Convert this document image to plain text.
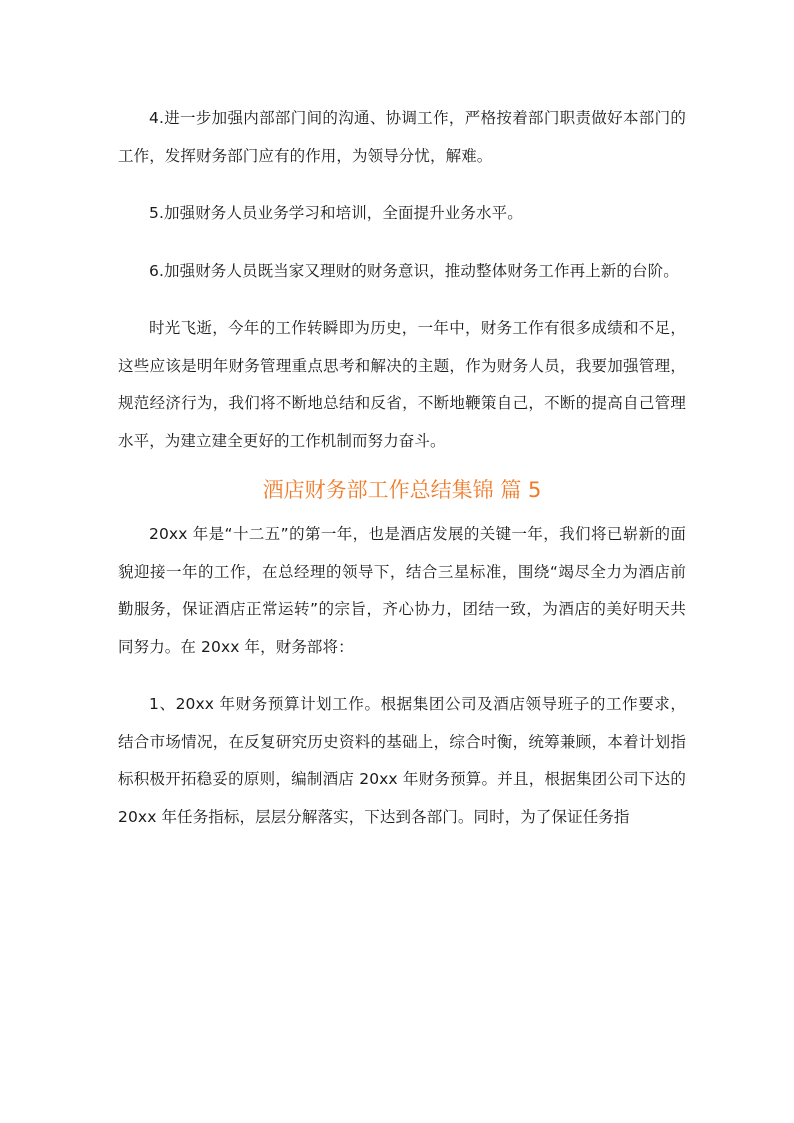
4.进一步加强内部部门间的沟通、协调工作，严格按着部门职责做好本部门的工作，发挥财务部门应有的作用，为领导分忧，解难。

5.加强财务人员业务学习和培训，全面提升业务水平。

6.加强财务人员既当家又理财的财务意识，推动整体财务工作再上新的台阶。

时光飞逝，今年的工作转瞬即为历史，一年中，财务工作有很多成绩和不足，这些应该是明年财务管理重点思考和解决的主题，作为财务人员，我要加强管理，规范经济行为，我们将不断地总结和反省，不断地鞭策自己，不断的提高自己管理水平，为建立建全更好的工作机制而努力奋斗。

酒店财务部工作总结集锦 篇 5

20xx 年是“十二五”的第一年，也是酒店发展的关键一年，我们将已崭新的面貌迎接一年的工作，在总经理的领导下，结合三星标准，围绕“竭尽全力为酒店前勤服务，保证酒店正常运转”的宗旨，齐心协力，团结一致，为酒店的美好明天共同努力。在 20xx 年，财务部将：

1、20xx 年财务预算计划工作。根据集团公司及酒店领导班子的工作要求，结合市场情况，在反复研究历史资料的基础上，综合吋衡，统筹兼顾，本着计划指标积极开拓稳妥的原则，编制酒店 20xx 年财务预算。并且，根据集团公司下达的 20xx 年任务指标，层层分解落实，下达到各部门。同时，为了保证任务指
